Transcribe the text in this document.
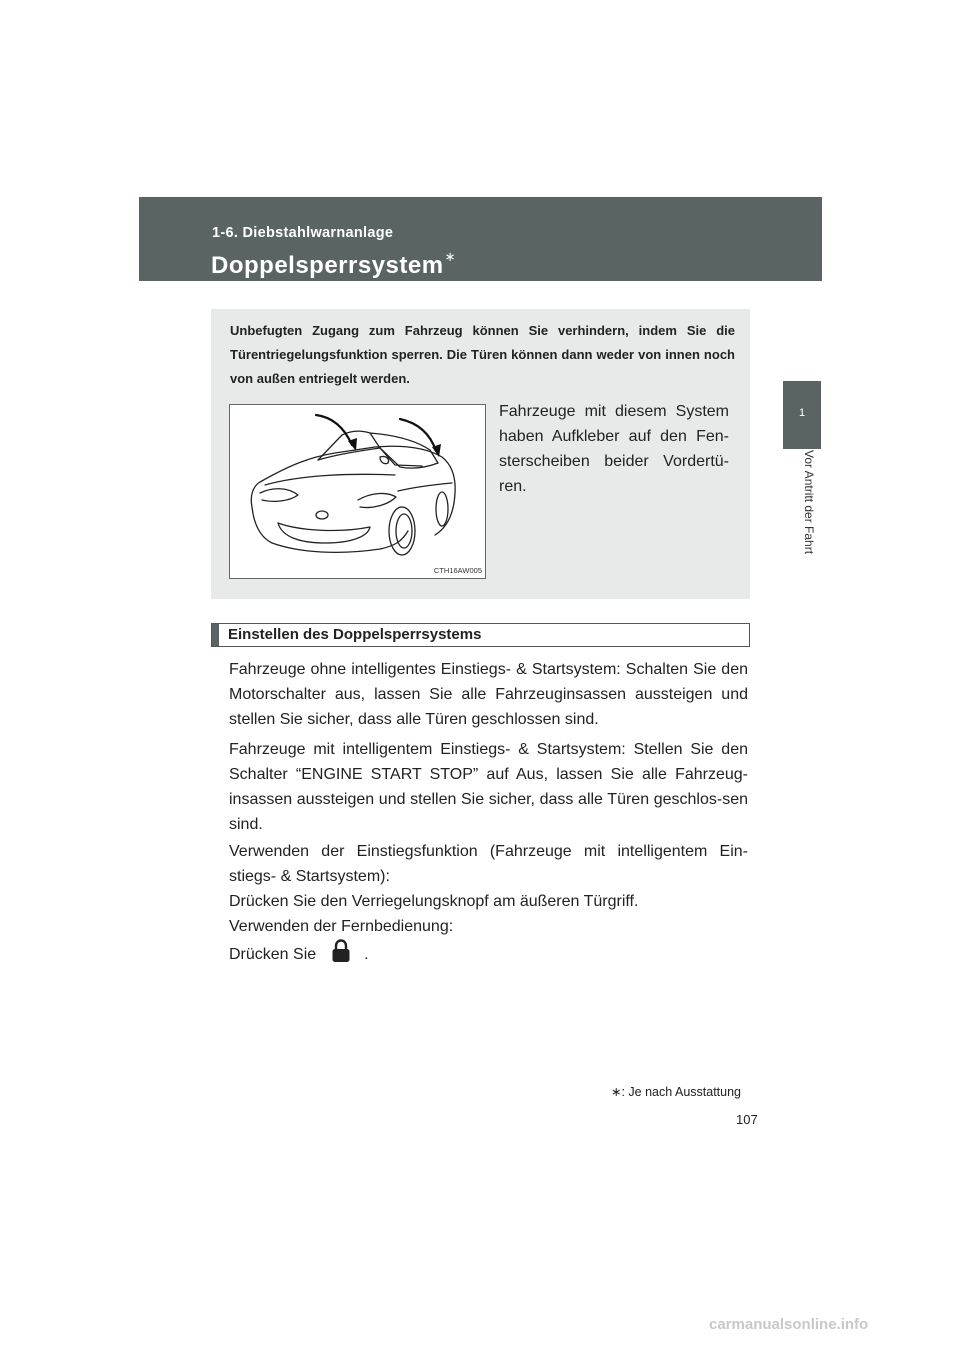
1-6. Diebstahlwarnanlage
Doppelsperrsystem∗
1
Vor Antritt der Fahrt
Unbefugten Zugang zum Fahrzeug können Sie verhindern, indem Sie die Türentriegelungsfunktion sperren. Die Türen können dann weder von innen noch von außen entriegelt werden.
CTH16AW005
Fahrzeuge mit diesem System haben Aufkleber auf den Fen-sterscheiben beider Vordertü-ren.
Einstellen des Doppelsperrsystems

Fahrzeuge ohne intelligentes Einstiegs- & Startsystem: Schalten Sie den Motorschalter aus, lassen Sie alle Fahrzeuginsassen aussteigen und stellen Sie sicher, dass alle Türen geschlossen sind.

Fahrzeuge mit intelligentem Einstiegs- & Startsystem: Stellen Sie den Schalter “ENGINE START STOP” auf Aus, lassen Sie alle Fahrzeug-insassen aussteigen und stellen Sie sicher, dass alle Türen geschlos-sen sind.

Verwenden der Einstiegsfunktion (Fahrzeuge mit intelligentem Ein-stiegs- & Startsystem):
Drücken Sie den Verriegelungsknopf am äußeren Türgriff.
Verwenden der Fernbedienung:
Drücken Sie	.

∗: Je nach Ausstattung
107
carmanualsonline.info
